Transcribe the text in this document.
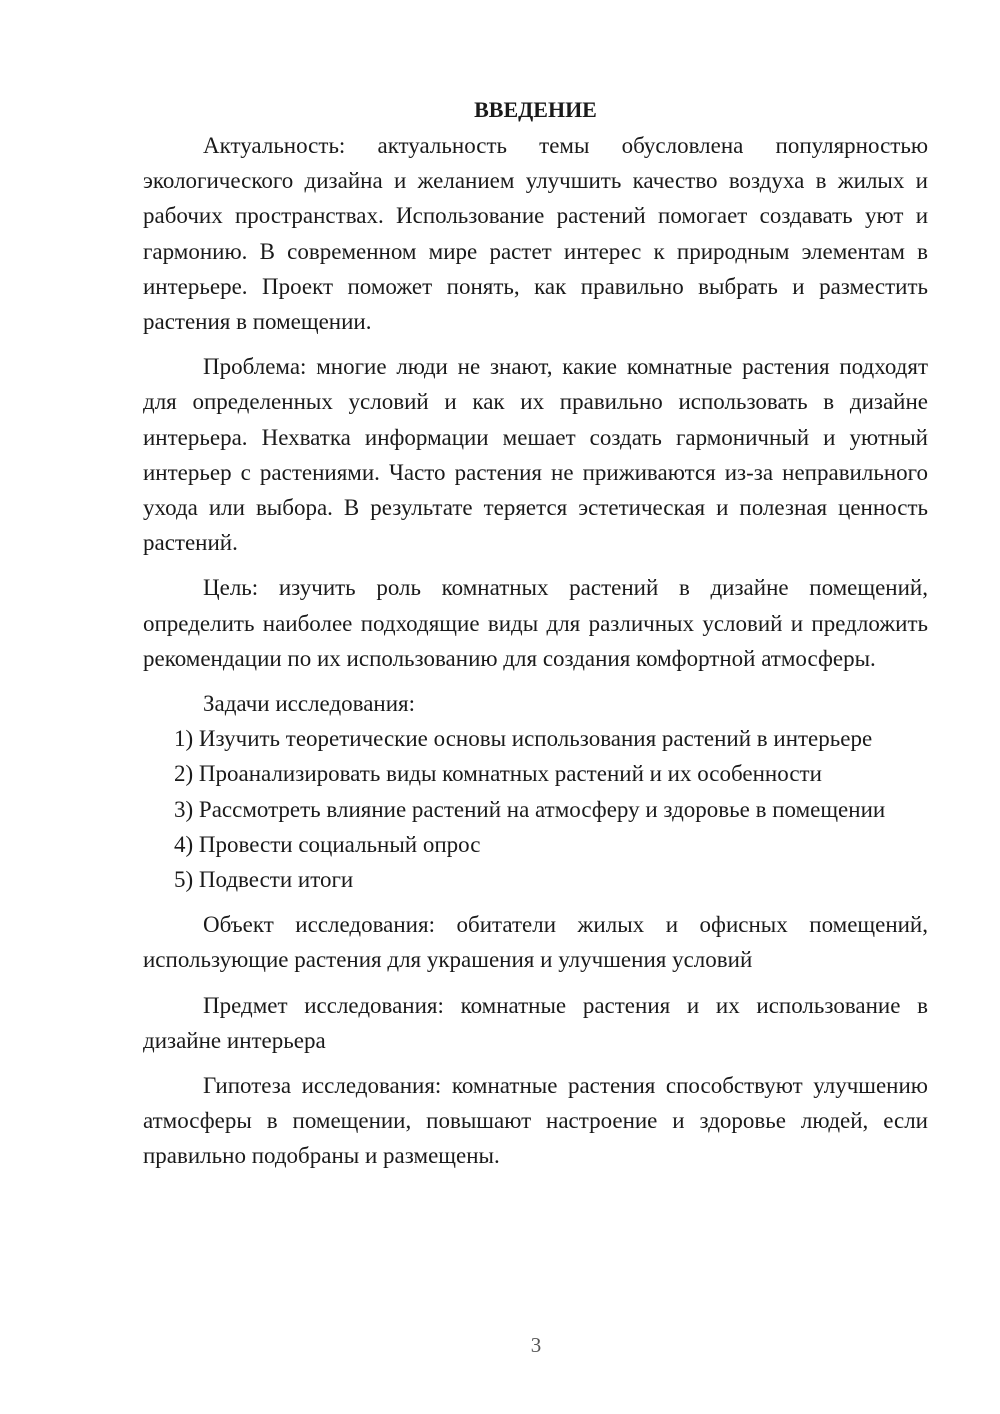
ВВЕДЕНИЕ

Актуальность: актуальность темы обусловлена популярностью экологического дизайна и желанием улучшить качество воздуха в жилых и рабочих пространствах. Использование растений помогает создавать уют и гармонию. В современном мире растет интерес к природным элементам в интерьере. Проект поможет понять, как правильно выбрать и разместить растения в помещении.

Проблема: многие люди не знают, какие комнатные растения подходят для определенных условий и как их правильно использовать в дизайне интерьера. Нехватка информации мешает создать гармоничный и уютный интерьер с растениями. Часто растения не приживаются из-за неправильного ухода или выбора. В результате теряется эстетическая и полезная ценность растений.

Цель: изучить роль комнатных растений в дизайне помещений, определить наиболее подходящие виды для различных условий и предложить рекомендации по их использованию для создания комфортной атмосферы.

Задачи исследования:

1) Изучить теоретические основы использования растений в интерьере

2) Проанализировать виды комнатных растений и их особенности

3) Рассмотреть влияние растений на атмосферу и здоровье в помещении

4) Провести социальный опрос

5) Подвести итоги

Объект исследования: обитатели жилых и офисных помещений, использующие растения для украшения и улучшения условий

Предмет исследования: комнатные растения и их использование в дизайне интерьера

Гипотеза исследования: комнатные растения способствуют улучшению атмосферы в помещении, повышают настроение и здоровье людей, если правильно подобраны и размещены.

3
